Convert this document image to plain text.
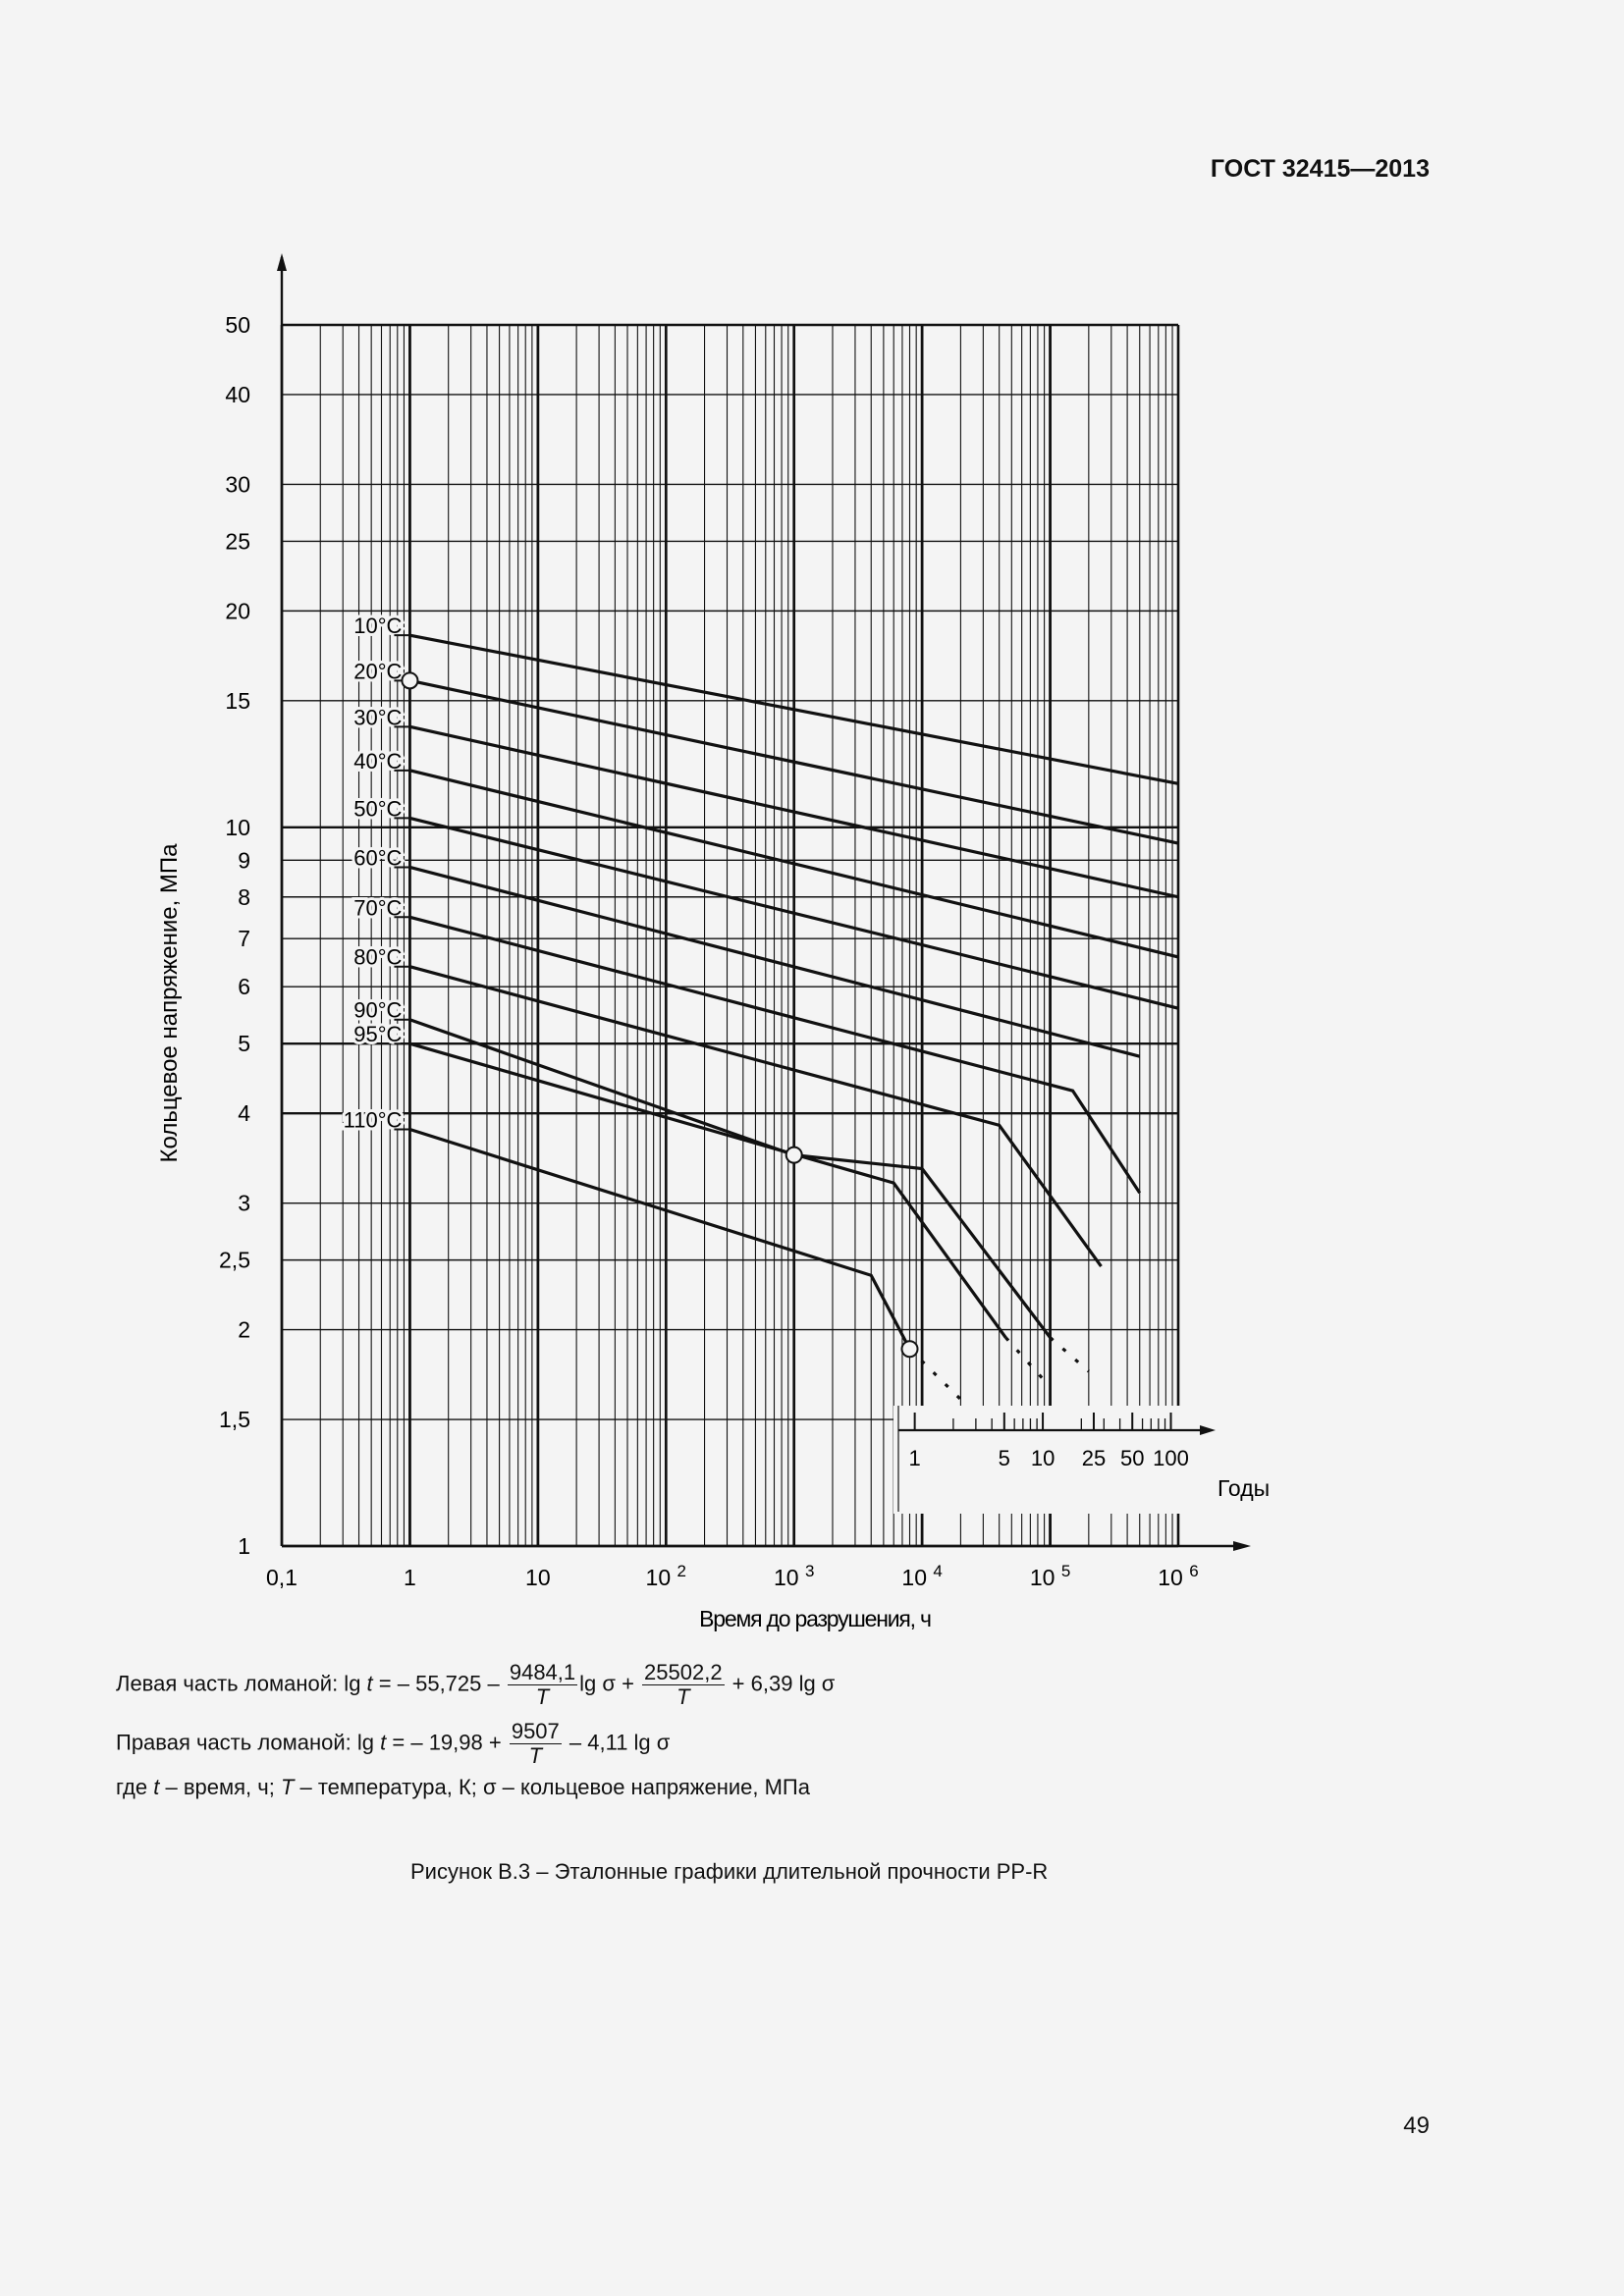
ГОСТ 32415—2013
1
1,5
2
2,5
3
4
5
6
7
8
9
10
15
20
25
30
40
50
0,1	1	10	10 $^2$	10 $^3$	10 $^4$	10 $^5$	10 $^6$
10°С
20°С
30°С
40°С
50°С
60°С
70°С
80°С
90°С
95°С
110°С
1	5 10 25 50 100
Годы
Время до разрушения, ч
Кольцевое напряжение, МПа
Левая часть ломаной: lg t = – $55,725 - \frac{9484,1}{T}$ $\lg \sigma + \frac{25502,2}{T} + 6,39$ lg σ
Правая часть ломаной: lg t = – $19,98 + \frac{9507}{T} - 4,11$ lg σ
где t – время, ч; T – температура, К; σ – кольцевое напряжение, МПа
Рисунок В.3 – Эталонные графики длительной прочности PP-R
49
